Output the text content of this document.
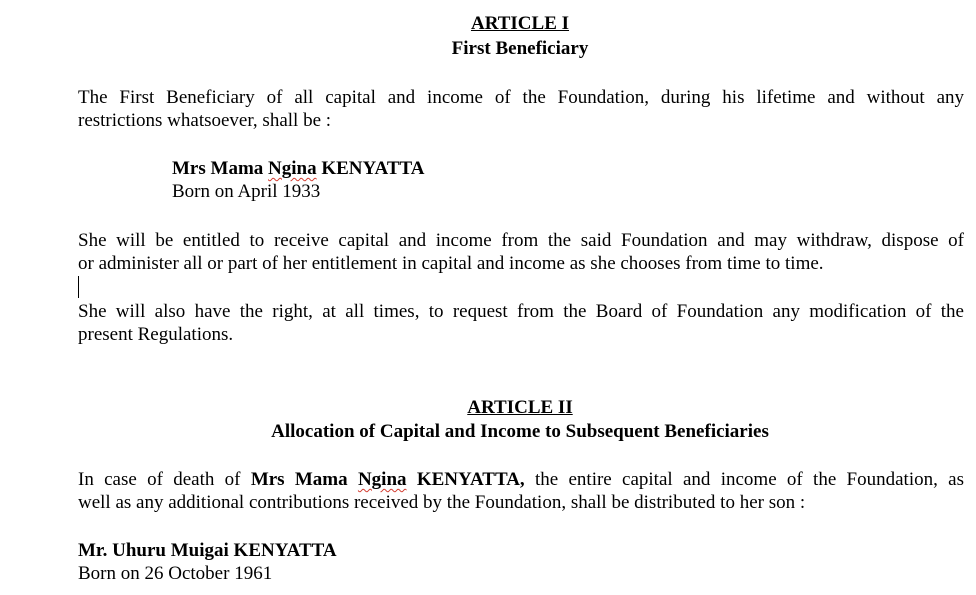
ARTICLE I
First Beneficiary
The First Beneficiary of all capital and income of the Foundation, during his lifetime and without any
restrictions whatsoever, shall be :
Mrs Mama Ngina KENYATTA
Born on April 1933
She will be entitled to receive capital and income from the said Foundation and may withdraw, dispose of
or administer all or part of her entitlement in capital and income as she chooses from time to time.
She will also have the right, at all times, to request from the Board of Foundation any modification of the
present Regulations.
ARTICLE II
Allocation of Capital and Income to Subsequent Beneficiaries
In case of death of Mrs Mama Ngina KENYATTA, the entire capital and income of the Foundation, as
well as any additional contributions received by the Foundation, shall be distributed to her son :
Mr. Uhuru Muigai KENYATTA
Born on 26 October 1961
